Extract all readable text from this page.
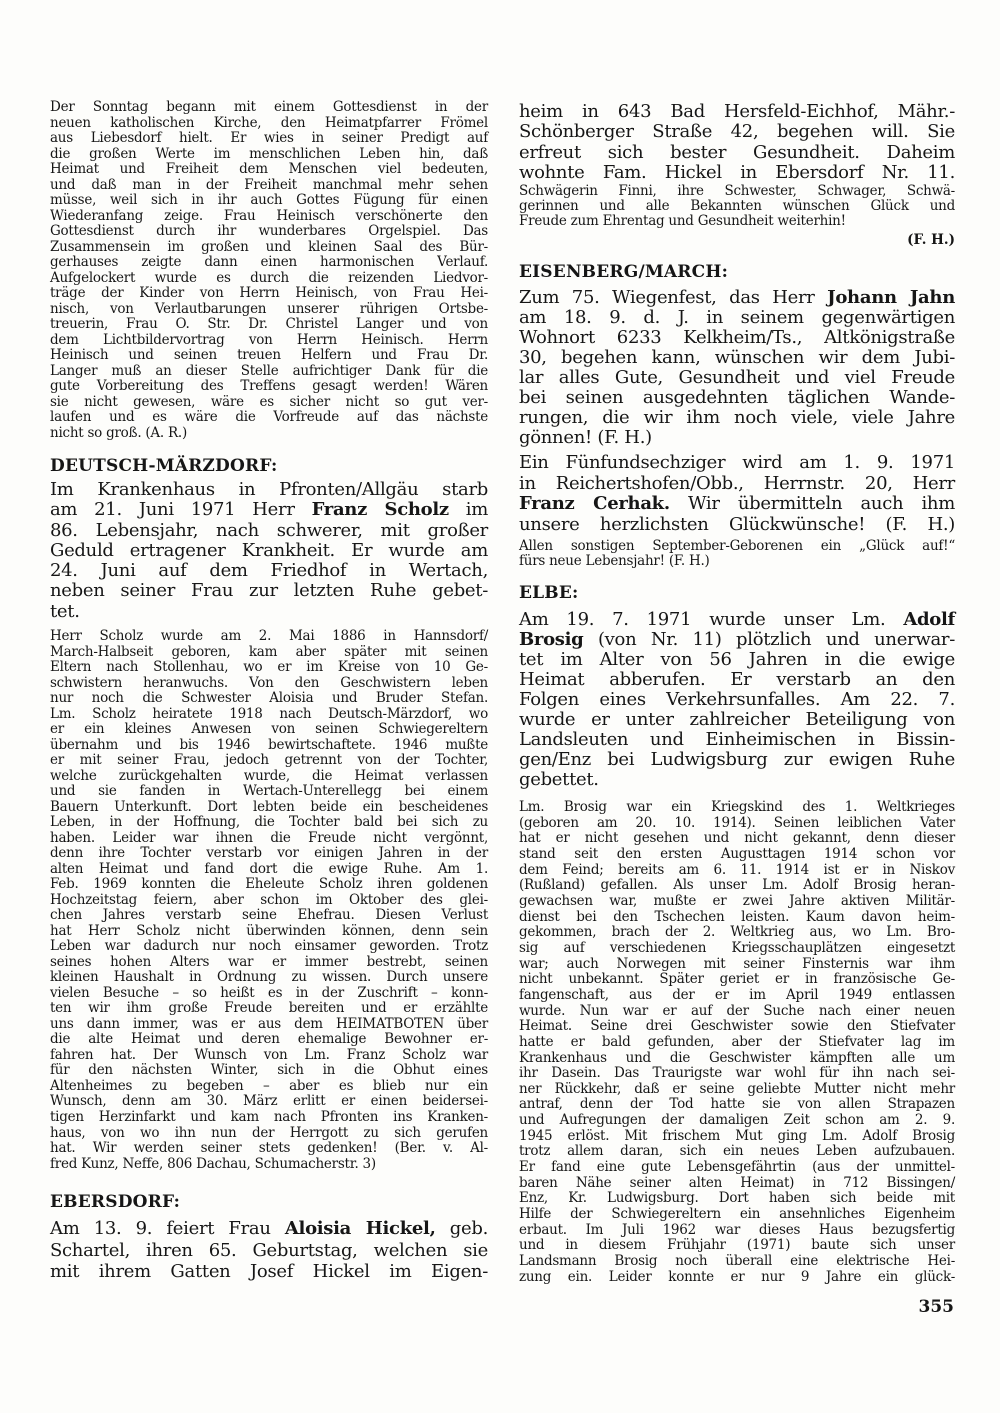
Der Sonntag begann mit einem Gottesdienst in der
neuen katholischen Kirche, den Heimatpfarrer Frömel
aus Liebesdorf hielt. Er wies in seiner Predigt auf
die großen Werte im menschlichen Leben hin, daß
Heimat und Freiheit dem Menschen viel bedeuten,
und daß man in der Freiheit manchmal mehr sehen
müsse, weil sich in ihr auch Gottes Fügung für einen
Wiederanfang zeige. Frau Heinisch verschönerte den
Gottesdienst durch ihr wunderbares Orgelspiel. Das
Zusammensein im großen und kleinen Saal des Bür-
gerhauses zeigte dann einen harmonischen Verlauf.
Aufgelockert wurde es durch die reizenden Liedvor-
träge der Kinder von Herrn Heinisch, von Frau Hei-
nisch, von Verlautbarungen unserer rührigen Ortsbe-
treuerin, Frau O. Str. Dr. Christel Langer und von
dem Lichtbildervortrag von Herrn Heinisch. Herrn
Heinisch und seinen treuen Helfern und Frau Dr.
Langer muß an dieser Stelle aufrichtiger Dank für die
gute Vorbereitung des Treffens gesagt werden! Wären
sie nicht gewesen, wäre es sicher nicht so gut ver-
laufen und es wäre die Vorfreude auf das nächste
nicht so groß. (A. R.)
DEUTSCH-MÄRZDORF:
Im Krankenhaus in Pfronten/Allgäu starb
am 21. Juni 1971 Herr Franz Scholz im
86. Lebensjahr, nach schwerer, mit großer
Geduld ertragener Krankheit. Er wurde am
24. Juni auf dem Friedhof in Wertach,
neben seiner Frau zur letzten Ruhe gebet-
tet.
Herr Scholz wurde am 2. Mai 1886 in Hannsdorf/
March-Halbseit geboren, kam aber später mit seinen
Eltern nach Stollenhau, wo er im Kreise von 10 Ge-
schwistern heranwuchs. Von den Geschwistern leben
nur noch die Schwester Aloisia und Bruder Stefan.
Lm. Scholz heiratete 1918 nach Deutsch-Märzdorf, wo
er ein kleines Anwesen von seinen Schwiegereltern
übernahm und bis 1946 bewirtschaftete. 1946 mußte
er mit seiner Frau, jedoch getrennt von der Tochter,
welche zurückgehalten wurde, die Heimat verlassen
und sie fanden in Wertach-Unterellegg bei einem
Bauern Unterkunft. Dort lebten beide ein bescheidenes
Leben, in der Hoffnung, die Tochter bald bei sich zu
haben. Leider war ihnen die Freude nicht vergönnt,
denn ihre Tochter verstarb vor einigen Jahren in der
alten Heimat und fand dort die ewige Ruhe. Am 1.
Feb. 1969 konnten die Eheleute Scholz ihren goldenen
Hochzeitstag feiern, aber schon im Oktober des glei-
chen Jahres verstarb seine Ehefrau. Diesen Verlust
hat Herr Scholz nicht überwinden können, denn sein
Leben war dadurch nur noch einsamer geworden. Trotz
seines hohen Alters war er immer bestrebt, seinen
kleinen Haushalt in Ordnung zu wissen. Durch unsere
vielen Besuche – so heißt es in der Zuschrift – konn-
ten wir ihm große Freude bereiten und er erzählte
uns dann immer, was er aus dem HEIMATBOTEN über
die alte Heimat und deren ehemalige Bewohner er-
fahren hat. Der Wunsch von Lm. Franz Scholz war
für den nächsten Winter, sich in die Obhut eines
Altenheimes zu begeben – aber es blieb nur ein
Wunsch, denn am 30. März erlitt er einen beidersei-
tigen Herzinfarkt und kam nach Pfronten ins Kranken-
haus, von wo ihn nun der Herrgott zu sich gerufen
hat. Wir werden seiner stets gedenken! (Ber. v. Al-
fred Kunz, Neffe, 806 Dachau, Schumacherstr. 3)
EBERSDORF:
Am 13. 9. feiert Frau Aloisia Hickel, geb.
Schartel, ihren 65. Geburtstag, welchen sie
mit ihrem Gatten Josef Hickel im Eigen-
heim in 643 Bad Hersfeld-Eichhof, Mähr.-
Schönberger Straße 42, begehen will. Sie
erfreut sich bester Gesundheit. Daheim
wohnte Fam. Hickel in Ebersdorf Nr. 11.
Schwägerin Finni, ihre Schwester, Schwager, Schwä-
gerinnen und alle Bekannten wünschen Glück und
Freude zum Ehrentag und Gesundheit weiterhin!
(F. H.)
EISENBERG/MARCH:
Zum 75. Wiegenfest, das Herr Johann Jahn
am 18. 9. d. J. in seinem gegenwärtigen
Wohnort 6233 Kelkheim/Ts., Altkönigstraße
30, begehen kann, wünschen wir dem Jubi-
lar alles Gute, Gesundheit und viel Freude
bei seinen ausgedehnten täglichen Wande-
rungen, die wir ihm noch viele, viele Jahre
gönnen! (F. H.)
Ein Fünfundsechziger wird am 1. 9. 1971
in Reichertshofen/Obb., Herrnstr. 20, Herr
Franz Cerhak. Wir übermitteln auch ihm
unsere herzlichsten Glückwünsche! (F. H.)
Allen sonstigen September-Geborenen ein „Glück auf!“
fürs neue Lebensjahr! (F. H.)
ELBE:
Am 19. 7. 1971 wurde unser Lm. Adolf
Brosig (von Nr. 11) plötzlich und unerwar-
tet im Alter von 56 Jahren in die ewige
Heimat abberufen. Er verstarb an den
Folgen eines Verkehrsunfalles. Am 22. 7.
wurde er unter zahlreicher Beteiligung von
Landsleuten und Einheimischen in Bissin-
gen/Enz bei Ludwigsburg zur ewigen Ruhe
gebettet.
Lm. Brosig war ein Kriegskind des 1. Weltkrieges
(geboren am 20. 10. 1914). Seinen leiblichen Vater
hat er nicht gesehen und nicht gekannt, denn dieser
stand seit den ersten Augusttagen 1914 schon vor
dem Feind; bereits am 6. 11. 1914 ist er in Niskov
(Rußland) gefallen. Als unser Lm. Adolf Brosig heran-
gewachsen war, mußte er zwei Jahre aktiven Militär-
dienst bei den Tschechen leisten. Kaum davon heim-
gekommen, brach der 2. Weltkrieg aus, wo Lm. Bro-
sig auf verschiedenen Kriegsschauplätzen eingesetzt
war; auch Norwegen mit seiner Finsternis war ihm
nicht unbekannt. Später geriet er in französische Ge-
fangenschaft, aus der er im April 1949 entlassen
wurde. Nun war er auf der Suche nach einer neuen
Heimat. Seine drei Geschwister sowie den Stiefvater
hatte er bald gefunden, aber der Stiefvater lag im
Krankenhaus und die Geschwister kämpften alle um
ihr Dasein. Das Traurigste war wohl für ihn nach sei-
ner Rückkehr, daß er seine geliebte Mutter nicht mehr
antraf, denn der Tod hatte sie von allen Strapazen
und Aufregungen der damaligen Zeit schon am 2. 9.
1945 erlöst. Mit frischem Mut ging Lm. Adolf Brosig
trotz allem daran, sich ein neues Leben aufzubauen.
Er fand eine gute Lebensgefährtin (aus der unmittel-
baren Nähe seiner alten Heimat) in 712 Bissingen/
Enz, Kr. Ludwigsburg. Dort haben sich beide mit
Hilfe der Schwiegereltern ein ansehnliches Eigenheim
erbaut. Im Juli 1962 war dieses Haus bezugsfertig
und in diesem Frühjahr (1971) baute sich unser
Landsmann Brosig noch überall eine elektrische Hei-
zung ein. Leider konnte er nur 9 Jahre ein glück-
355
